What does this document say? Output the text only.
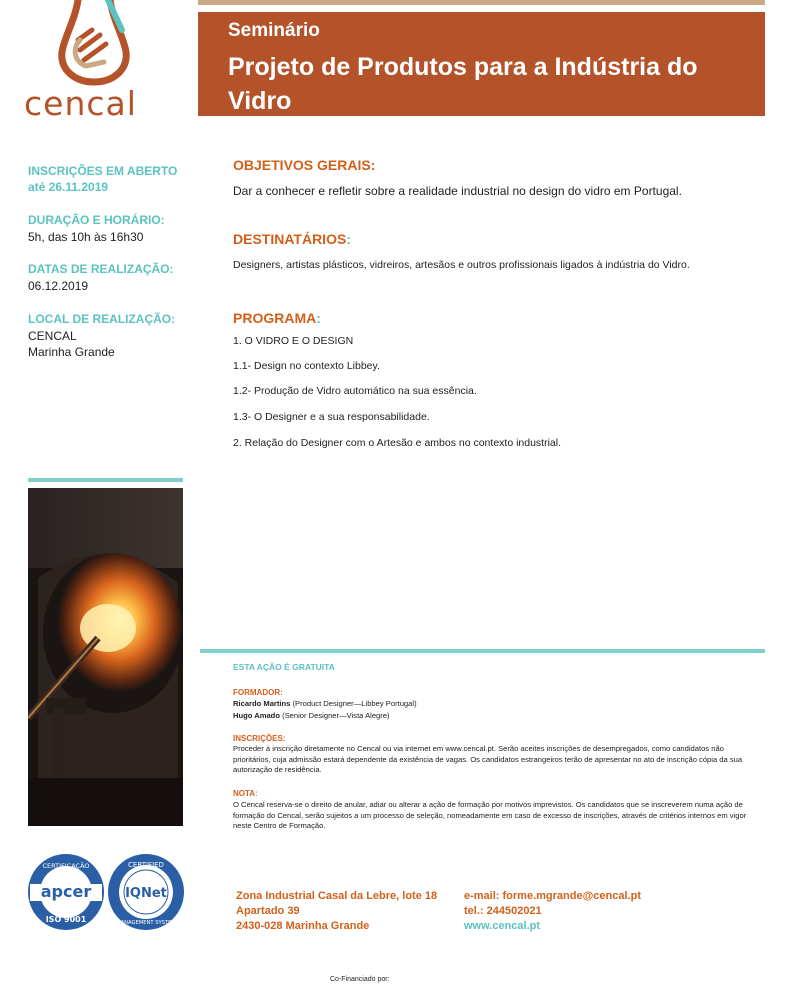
cencal
Seminário
Projeto de Produtos para a Indústria do Vidro
INSCRIÇÕES EM ABERTO
até 26.11.2019
DURAÇÃO E HORÁRIO:
5h, das 10h às 16h30
DATAS DE REALIZAÇÃO:
06.12.2019
LOCAL DE REALIZAÇÃO:
CENCAL
Marinha Grande
OBJETIVOS GERAIS:
Dar a conhecer e refletir sobre a realidade industrial no design do vidro em Portugal.
DESTINATÁRIOS:
Designers, artistas plásticos, vidreiros, artesãos e outros profissionais ligados à indústria do Vidro.
PROGRAMA:
1. O VIDRO E O DESIGN
1.1- Design no contexto Libbey.
1.2- Produção de Vidro automático na sua essência.
1.3- O Designer e a sua responsabilidade.
2. Relação do Designer com o Artesão e ambos no contexto industrial.
ESTA AÇÃO É GRATUITA
FORMADOR:
Ricardo Martins (Product Designer—Libbey Portugal)
Hugo Amado (Senior Designer—Vista Alegre)
INSCRIÇÕES:
Proceder à inscrição diretamente no Cencal ou via internet em www.cencal.pt. Serão aceites inscrições de desempregados, como candidatos não prioritários, cuja admissão estará dependente da existência de vagas. Os candidatos estrangeiros terão de apresentar no ato de inscrição cópia da sua autorização de residência.
NOTA:
O Cencal reserva-se o direito de anular, adiar ou alterar a ação de formação por motivos imprevistos. Os candidatos que se inscreverem numa ação de formação do Cencal, serão sujeitos a um processo de seleção, nomeadamente em caso de excesso de inscrições, através de critérios internos em vigor neste Centro de Formação.
apcer
CERTIFICAÇÃO
ISO 9001
IQNet
CERTIFIED
MANAGEMENT SYSTEM
Zona Industrial Casal da Lebre, lote 18
Apartado 39
2430-028 Marinha Grande
e-mail: forme.mgrande@cencal.pt
tel.: 244502021
www.cencal.pt
Co-Financiado por:
